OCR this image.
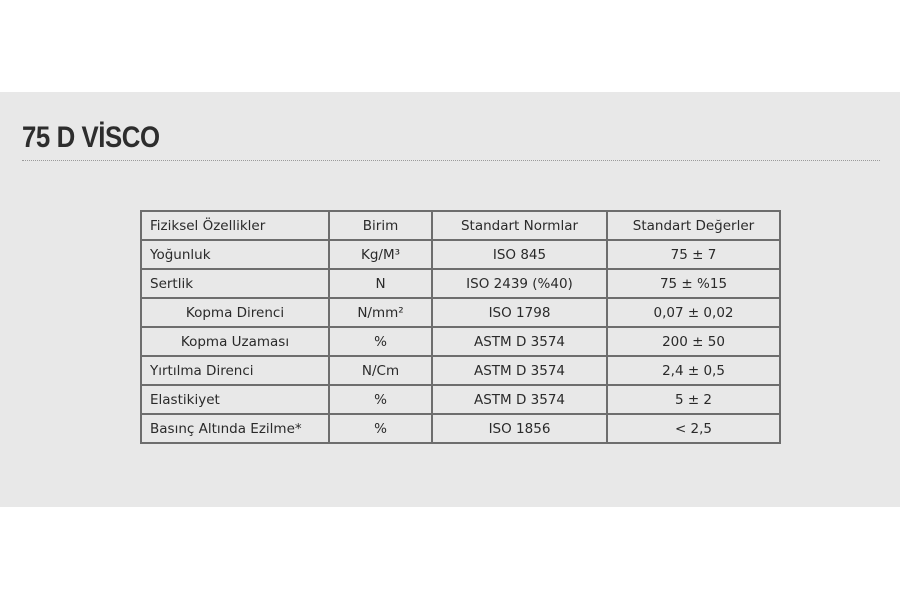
75 D VİSCO
Fiziksel Özellikler	Birim	Standart Normlar	Standart Değerler
Yoğunluk	Kg/M³	ISO 845	75 ± 7
Sertlik	N	ISO 2439 (%40)	75 ± %15
Kopma Direnci	N/mm²	ISO 1798	0,07 ± 0,02
Kopma Uzaması	%	ASTM D 3574	200 ± 50
Yırtılma Direnci	N/Cm	ASTM D 3574	2,4 ± 0,5
Elastikiyet	%	ASTM D 3574	5 ± 2
Basınç Altında Ezilme*	%	ISO 1856	< 2,5
